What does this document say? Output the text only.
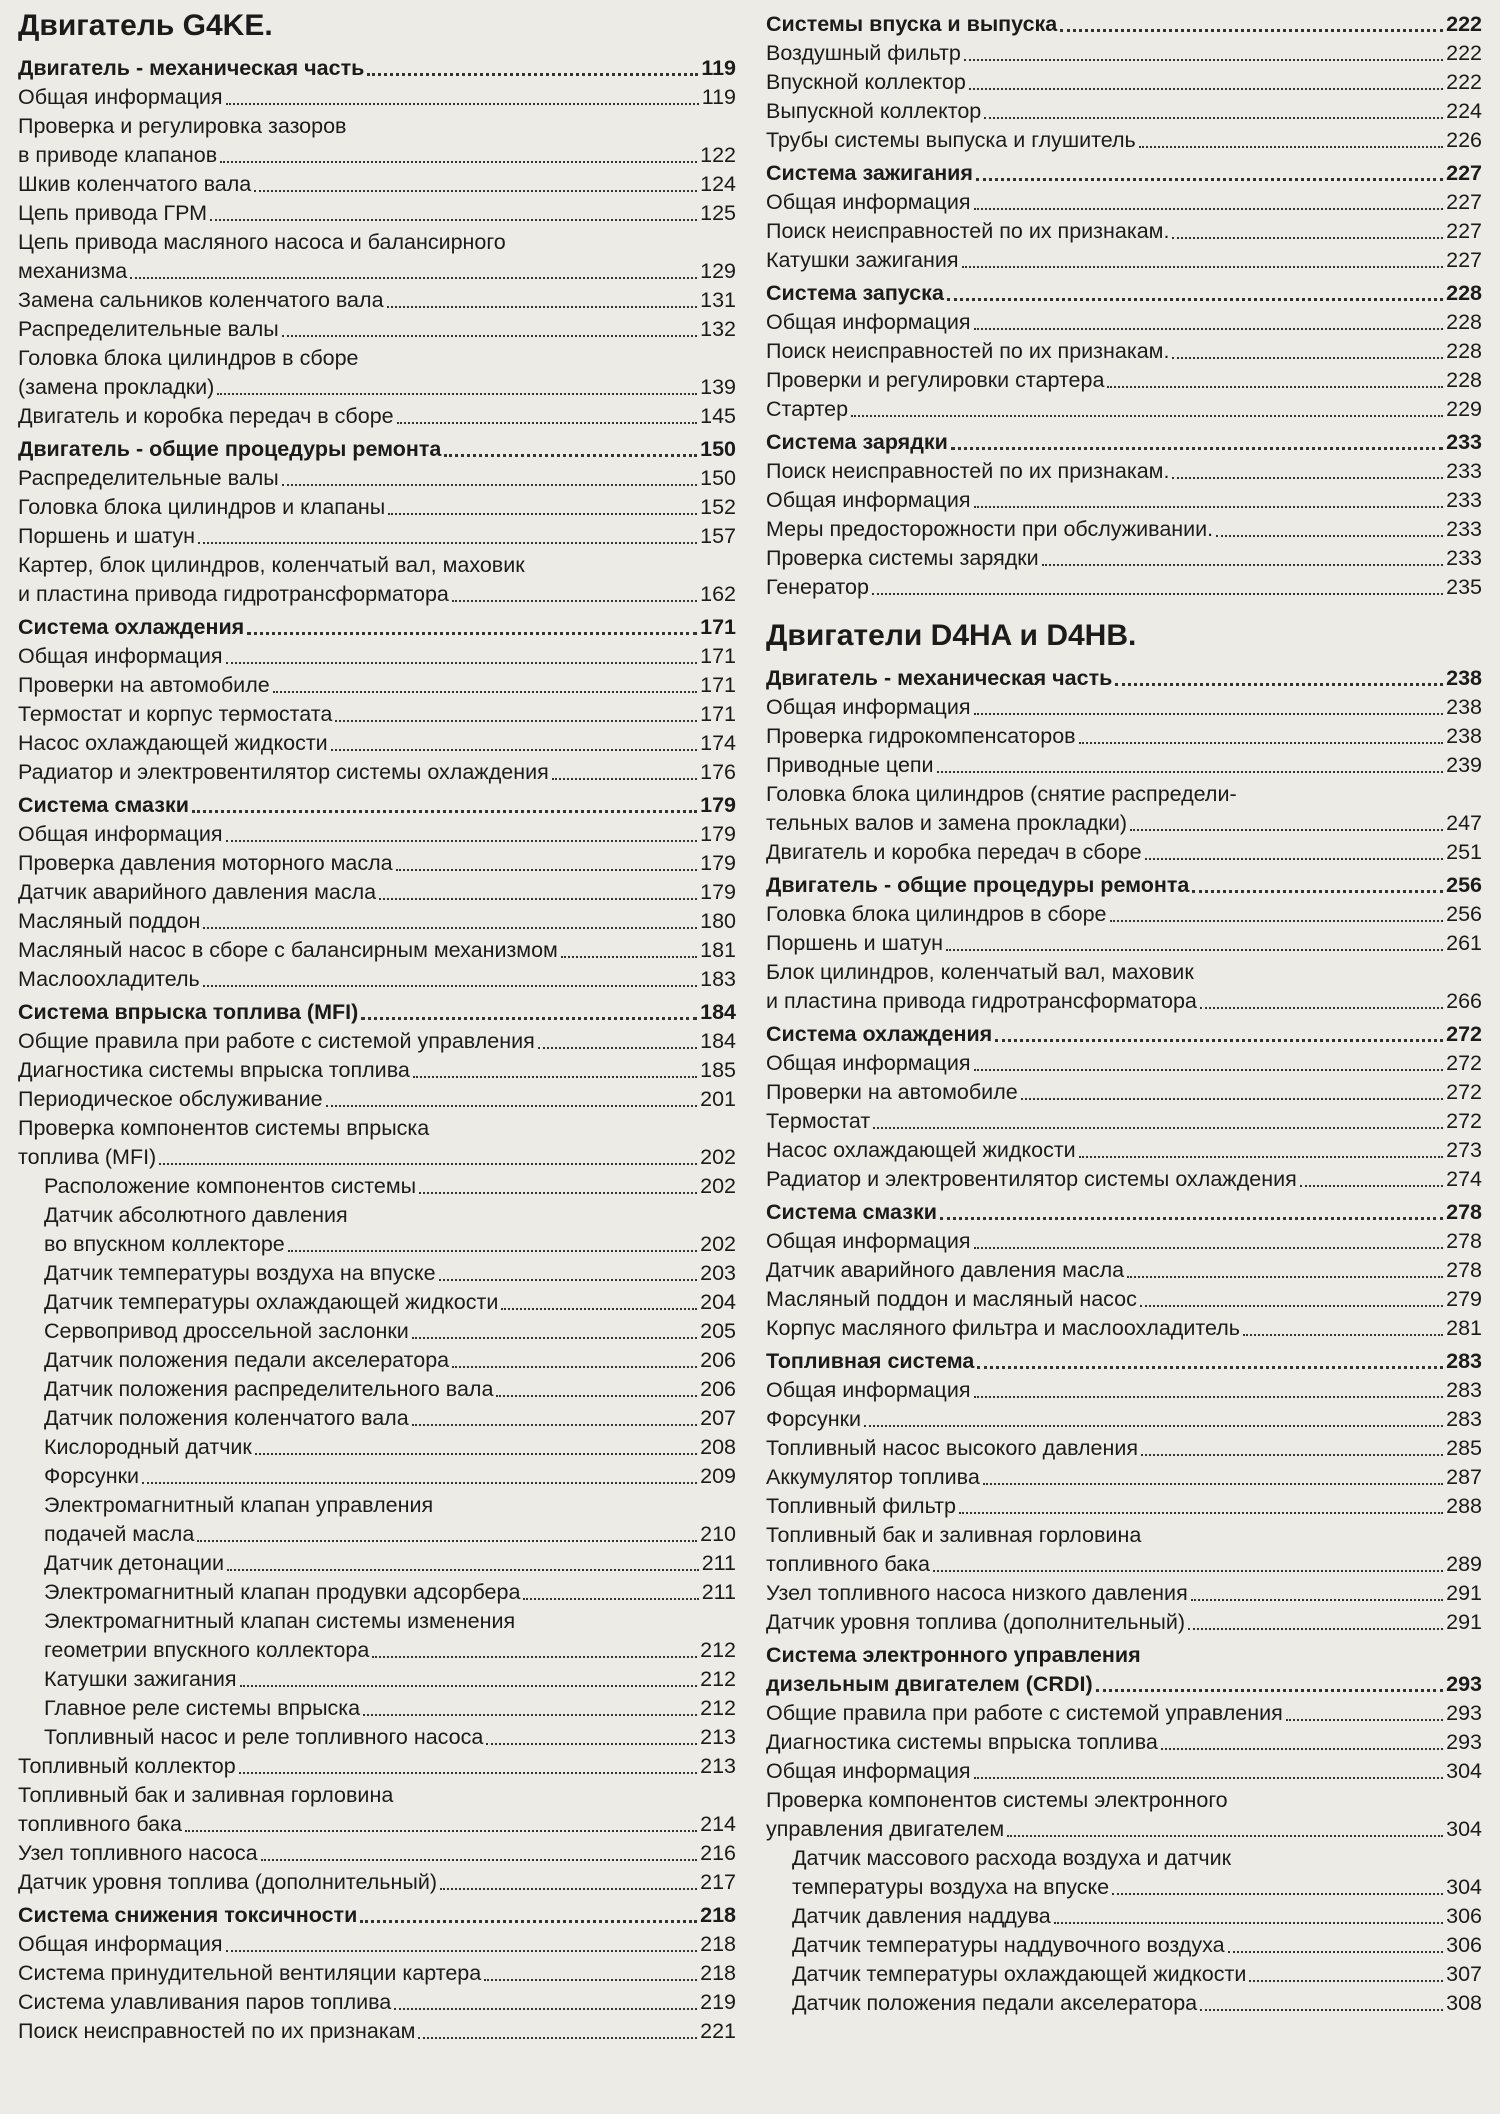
Двигатель G4KE.
Двигатель - механическая часть	119
Общая информация	119
Проверка и регулировка зазоров
в приводе клапанов	122
Шкив коленчатого вала	124
Цепь привода ГРМ	125
Цепь привода масляного насоса и балансирного
механизма	129
Замена сальников коленчатого вала	131
Распределительные валы	132
Головка блока цилиндров в сборе
(замена прокладки)	139
Двигатель и коробка передач в сборе	145
Двигатель - общие процедуры ремонта	150
Распределительные валы	150
Головка блока цилиндров и клапаны	152
Поршень и шатун	157
Картер, блок цилиндров, коленчатый вал, маховик
и пластина привода гидротрансформатора	162
Система охлаждения	171
Общая информация	171
Проверки на автомобиле	171
Термостат и корпус термостата	171
Насос охлаждающей жидкости	174
Радиатор и электровентилятор системы охлаждения	176
Система смазки	179
Общая информация	179
Проверка давления моторного масла	179
Датчик аварийного давления масла	179
Масляный поддон	180
Масляный насос в сборе с балансирным механизмом	181
Маслоохладитель	183
Система впрыска топлива (MFI)	184
Общие правила при работе с системой управления	184
Диагностика системы впрыска топлива	185
Периодическое обслуживание	201
Проверка компонентов системы впрыска
топлива (MFI)	202
Расположение компонентов системы	202
Датчик абсолютного давления
во впускном коллекторе	202
Датчик температуры воздуха на впуске	203
Датчик температуры охлаждающей жидкости	204
Сервопривод дроссельной заслонки	205
Датчик положения педали акселератора	206
Датчик положения распределительного вала	206
Датчик положения коленчатого вала	207
Кислородный датчик	208
Форсунки	209
Электромагнитный клапан управления
подачей масла	210
Датчик детонации	211
Электромагнитный клапан продувки адсорбера	211
Электромагнитный клапан системы изменения
геометрии впускного коллектора	212
Катушки зажигания	212
Главное реле системы впрыска	212
Топливный насос и реле топливного насоса	213
Топливный коллектор	213
Топливный бак и заливная горловина
топливного бака	214
Узел топливного насоса	216
Датчик уровня топлива (дополнительный)	217
Система снижения токсичности	218
Общая информация	218
Система принудительной вентиляции картера	218
Система улавливания паров топлива	219
Поиск неисправностей по их признакам	221
Системы впуска и выпуска	222
Воздушный фильтр	222
Впускной коллектор	222
Выпускной коллектор	224
Трубы системы выпуска и глушитель	226
Система зажигания	227
Общая информация	227
Поиск неисправностей по их признакам.	227
Катушки зажигания	227
Система запуска	228
Общая информация	228
Поиск неисправностей по их признакам.	228
Проверки и регулировки стартера	228
Стартер	229
Система зарядки	233
Поиск неисправностей по их признакам.	233
Общая информация	233
Меры предосторожности при обслуживании.	233
Проверка системы зарядки	233
Генератор	235
Двигатели D4HA и D4HB.
Двигатель - механическая часть	238
Общая информация	238
Проверка гидрокомпенсаторов	238
Приводные цепи	239
Головка блока цилиндров (снятие распредели-
тельных валов и замена прокладки)	247
Двигатель и коробка передач в сборе	251
Двигатель - общие процедуры ремонта	256
Головка блока цилиндров в сборе	256
Поршень и шатун	261
Блок цилиндров, коленчатый вал, маховик
и пластина привода гидротрансформатора	266
Система охлаждения	272
Общая информация	272
Проверки на автомобиле	272
Термостат	272
Насос охлаждающей жидкости	273
Радиатор и электровентилятор системы охлаждения	274
Система смазки	278
Общая информация	278
Датчик аварийного давления масла	278
Масляный поддон и масляный насос	279
Корпус масляного фильтра и маслоохладитель	281
Топливная система	283
Общая информация	283
Форсунки	283
Топливный насос высокого давления	285
Аккумулятор топлива	287
Топливный фильтр	288
Топливный бак и заливная горловина
топливного бака	289
Узел топливного насоса низкого давления	291
Датчик уровня топлива (дополнительный)	291
Система электронного управления
дизельным двигателем (CRDI)	293
Общие правила при работе с системой управления	293
Диагностика системы впрыска топлива	293
Общая информация	304
Проверка компонентов системы электронного
управления двигателем	304
Датчик массового расхода воздуха и датчик
температуры воздуха на впуске	304
Датчик давления наддува	306
Датчик температуры наддувочного воздуха	306
Датчик температуры охлаждающей жидкости	307
Датчик положения педали акселератора	308
